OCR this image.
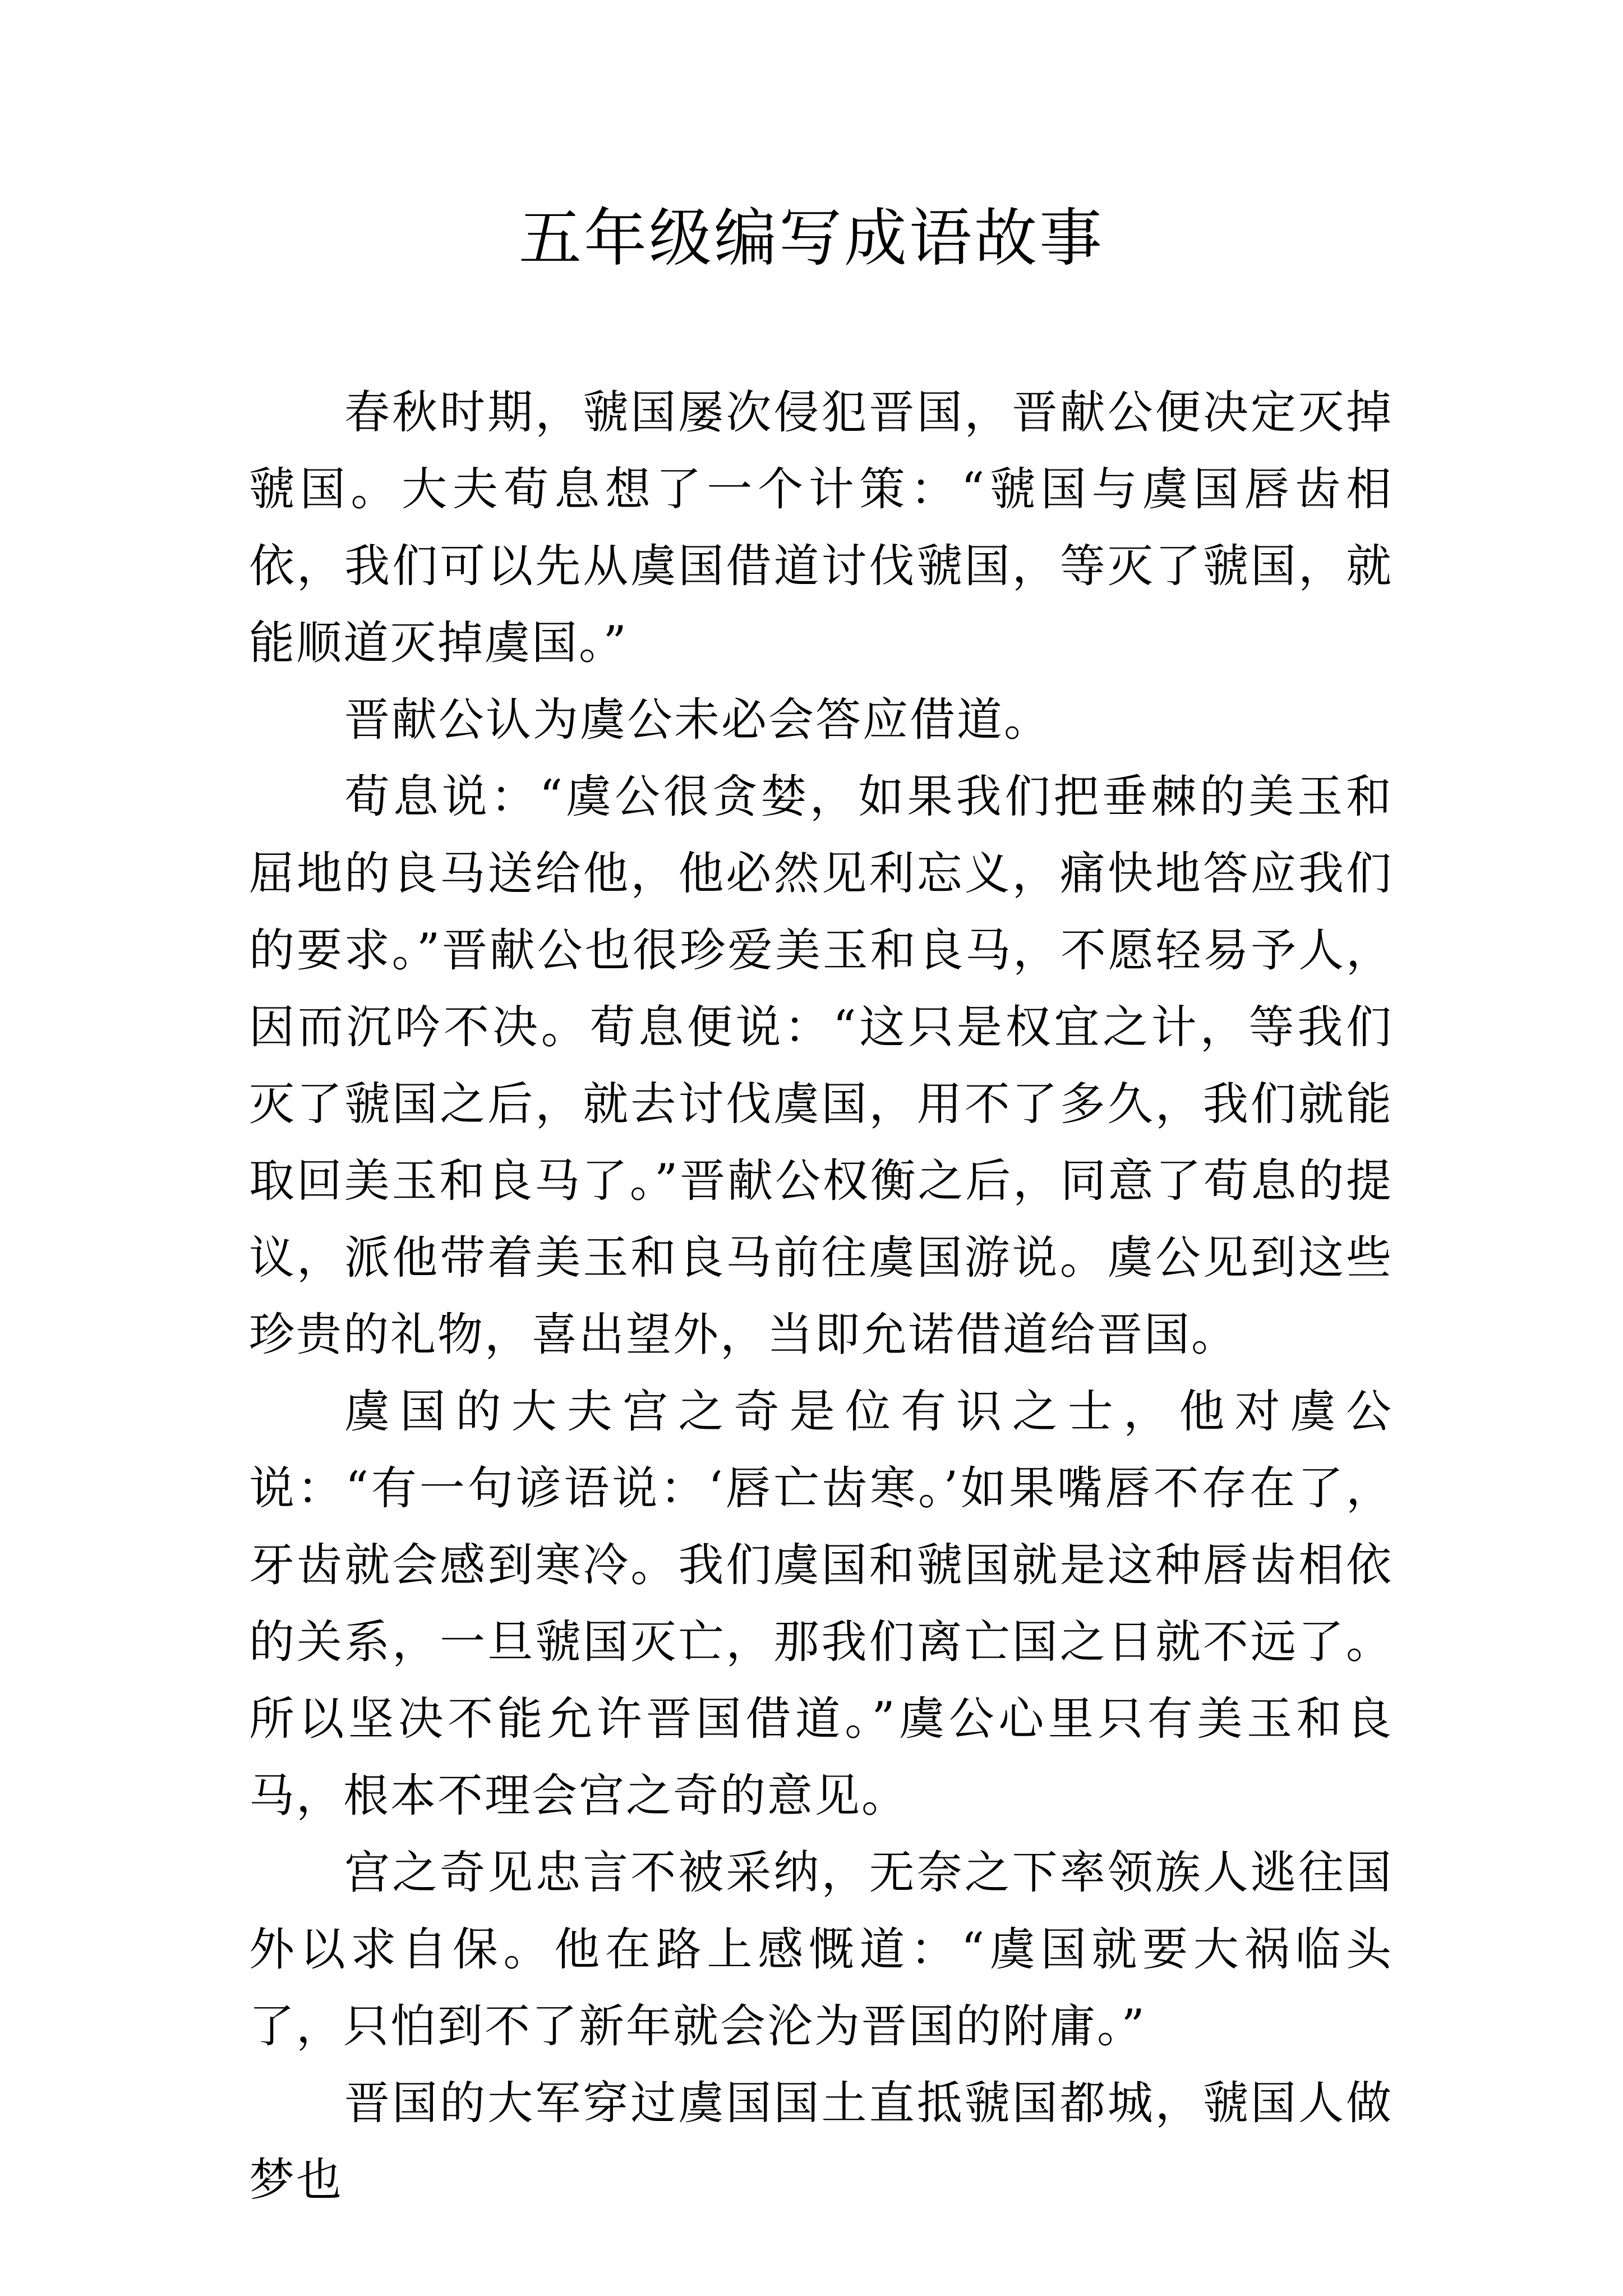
五年级编写成语故事

春秋时期，虢国屡次侵犯晋国，晋献公便决定灭掉虢国。大夫荀息想了一个计策：“虢国与虞国唇齿相依，我们可以先从虞国借道讨伐虢国，等灭了虢国，就能顺道灭掉虞国。”

晋献公认为虞公未必会答应借道。

荀息说：“虞公很贪婪，如果我们把垂棘的美玉和屈地的良马送给他，他必然见利忘义，痛快地答应我们的要求。”晋献公也很珍爱美玉和良马，不愿轻易予人，因而沉吟不决。荀息便说：“这只是权宜之计，等我们灭了虢国之后，就去讨伐虞国，用不了多久，我们就能取回美玉和良马了。”晋献公权衡之后，同意了荀息的提议，派他带着美玉和良马前往虞国游说。虞公见到这些珍贵的礼物，喜出望外，当即允诺借道给晋国。

虞国的大夫宫之奇是位有识之士，他对虞公说：“有一句谚语说：‘唇亡齿寒。’如果嘴唇不存在了，牙齿就会感到寒冷。我们虞国和虢国就是这种唇齿相依的关系，一旦虢国灭亡，那我们离亡国之日就不远了。所以坚决不能允许晋国借道。”虞公心里只有美玉和良马，根本不理会宫之奇的意见。

宫之奇见忠言不被采纳，无奈之下率领族人逃往国外以求自保。他在路上感慨道：“虞国就要大祸临头了，只怕到不了新年就会沦为晋国的附庸。”

晋国的大军穿过虞国国土直抵虢国都城，虢国人做梦也
